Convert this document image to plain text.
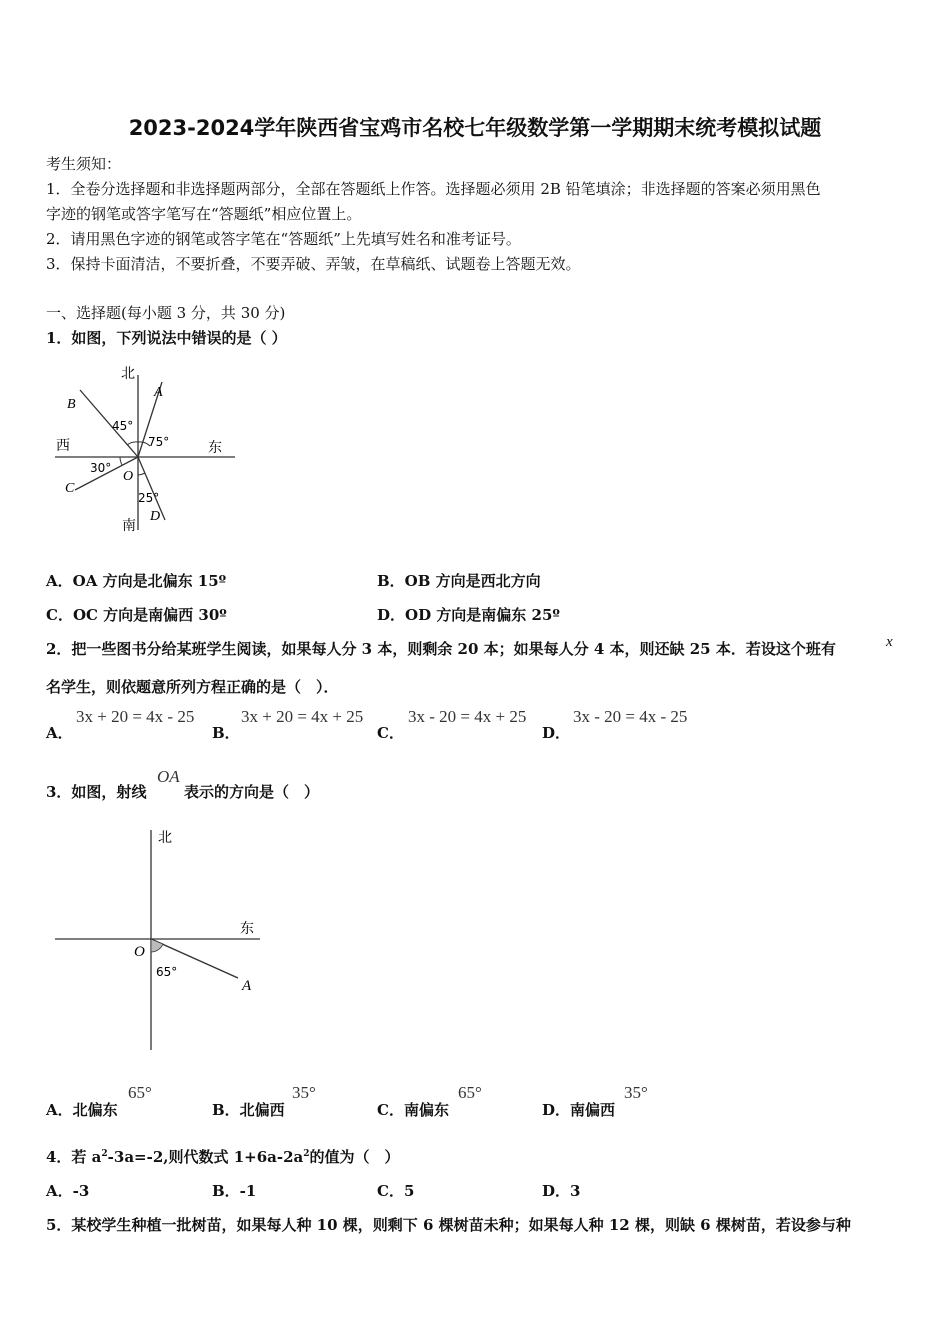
2023-2024学年陕西省宝鸡市名校七年级数学第一学期期末统考模拟试题
考生须知：
1．全卷分选择题和非选择题两部分，全部在答题纸上作答。选择题必须用 2B 铅笔填涂；非选择题的答案必须用黑色
字迹的钢笔或答字笔写在“答题纸”相应位置上。
2．请用黑色字迹的钢笔或答字笔在“答题纸”上先填写姓名和准考证号。
3．保持卡面清洁，不要折叠，不要弄破、弄皱，在草稿纸、试题卷上答题无效。
一、选择题(每小题 3 分，共 30 分)
1．如图，下列说法中错误的是（ ）
北
南
西	东
A
B
C
D
O
45°
75°
30°
25°
A．OA 方向是北偏东 15º	B．OB 方向是西北方向
C．OC 方向是南偏西 30º	D．OD 方向是南偏东 25º
2．把一些图书分给某班学生阅读，如果每人分 3 本，则剩余 20 本；如果每人分 4 本，则还缺 25 本．若设这个班有	x
名学生，则依题意所列方程正确的是（　）．
A．
3x + 20 = 4x - 25
B．
3x + 20 = 4x + 25
C．
3x - 20 = 4x + 25
D．
3x - 20 = 4x - 25
3．如图，射线
OA
表示的方向是（　）
北
东
O
A
65°
A．北偏东
65°
B．北偏西
35°
C．南偏东
65°
D．南偏西
35°
4．若 $a^2-3a=-2$,则代数式 $1+6a-2a^2$的值为（　）
A．-3	B．-1	C．5	D．3
5．某校学生种植一批树苗，如果每人种 10 棵，则剩下 6 棵树苗未种；如果每人种 12 棵，则缺 6 棵树苗，若设参与种
